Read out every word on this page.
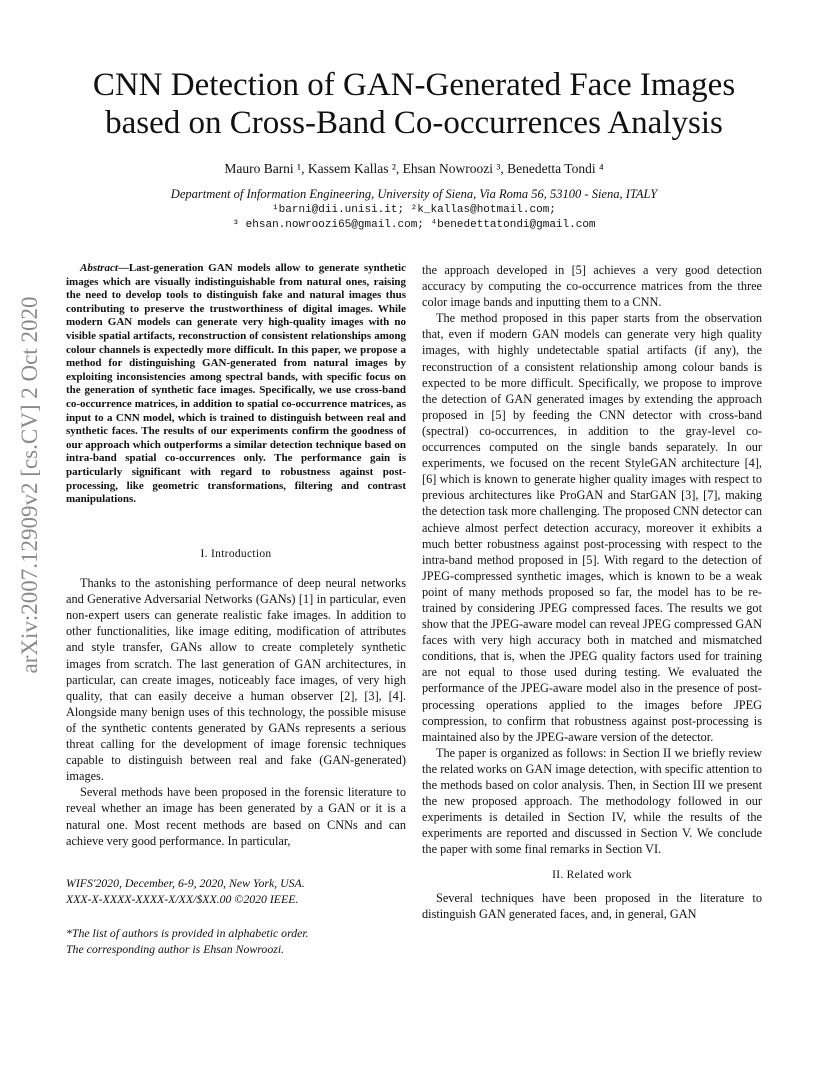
CNN Detection of GAN-Generated Face Images
based on Cross-Band Co-occurrences Analysis
Mauro Barni ¹, Kassem Kallas ², Ehsan Nowroozi ³, Benedetta Tondi ⁴
Department of Information Engineering, University of Siena, Via Roma 56, 53100 - Siena, ITALY
¹barni@dii.unisi.it; ²k_kallas@hotmail.com;
³ ehsan.nowroozi65@gmail.com; ⁴benedettatondi@gmail.com
arXiv:2007.12909v2 [cs.CV] 2 Oct 2020

Abstract—Last-generation GAN models allow to generate synthetic images which are visually indistinguishable from natural ones, raising the need to develop tools to distinguish fake and natural images thus contributing to preserve the trustworthiness of digital images. While modern GAN models can generate very high-quality images with no visible spatial artifacts, reconstruction of consistent relationships among colour channels is expectedly more difficult. In this paper, we propose a method for distinguishing GAN-generated from natural images by exploiting inconsistencies among spectral bands, with specific focus on the generation of synthetic face images. Specifically, we use cross-band co-occurrence matrices, in addition to spatial co-occurrence matrices, as input to a CNN model, which is trained to distinguish between real and synthetic faces. The results of our experiments confirm the goodness of our approach which outperforms a similar detection technique based on intra-band spatial co-occurrences only. The performance gain is particularly significant with regard to robustness against post-processing, like geometric transformations, filtering and contrast manipulations.

I. Introduction

Thanks to the astonishing performance of deep neural networks and Generative Adversarial Networks (GANs) [1] in particular, even non-expert users can generate realistic fake images. In addition to other functionalities, like image editing, modification of attributes and style transfer, GANs allow to create completely synthetic images from scratch. The last generation of GAN architectures, in particular, can create images, noticeably face images, of very high quality, that can easily deceive a human observer [2], [3], [4]. Alongside many benign uses of this technology, the possible misuse of the synthetic contents generated by GANs represents a serious threat calling for the development of image forensic techniques capable to distinguish between real and fake (GAN-generated) images.

Several methods have been proposed in the forensic literature to reveal whether an image has been generated by a GAN or it is a natural one. Most recent methods are based on CNNs and can achieve very good performance. In particular,

WIFS'2020, December, 6-9, 2020, New York, USA.
XXX-X-XXXX-XXXX-X/XX/$XX.00 ©2020 IEEE.
*The list of authors is provided in alphabetic order.
The corresponding author is Ehsan Nowroozi.

the approach developed in [5] achieves a very good detection accuracy by computing the co-occurrence matrices from the three color image bands and inputting them to a CNN.

The method proposed in this paper starts from the observation that, even if modern GAN models can generate very high quality images, with highly undetectable spatial artifacts (if any), the reconstruction of a consistent relationship among colour bands is expected to be more difficult. Specifically, we propose to improve the detection of GAN generated images by extending the approach proposed in [5] by feeding the CNN detector with cross-band (spectral) co-occurrences, in addition to the gray-level co-occurrences computed on the single bands separately. In our experiments, we focused on the recent StyleGAN architecture [4], [6] which is known to generate higher quality images with respect to previous architectures like ProGAN and StarGAN [3], [7], making the detection task more challenging. The proposed CNN detector can achieve almost perfect detection accuracy, moreover it exhibits a much better robustness against post-processing with respect to the intra-band method proposed in [5]. With regard to the detection of JPEG-compressed synthetic images, which is known to be a weak point of many methods proposed so far, the model has to be re-trained by considering JPEG compressed faces. The results we got show that the JPEG-aware model can reveal JPEG compressed GAN faces with very high accuracy both in matched and mismatched conditions, that is, when the JPEG quality factors used for training are not equal to those used during testing. We evaluated the performance of the JPEG-aware model also in the presence of post-processing operations applied to the images before JPEG compression, to confirm that robustness against post-processing is maintained also by the JPEG-aware version of the detector.

The paper is organized as follows: in Section II we briefly review the related works on GAN image detection, with specific attention to the methods based on color analysis. Then, in Section III we present the new proposed approach. The methodology followed in our experiments is detailed in Section IV, while the results of the experiments are reported and discussed in Section V. We conclude the paper with some final remarks in Section VI.

II. Related work

Several techniques have been proposed in the literature to distinguish GAN generated faces, and, in general, GAN
